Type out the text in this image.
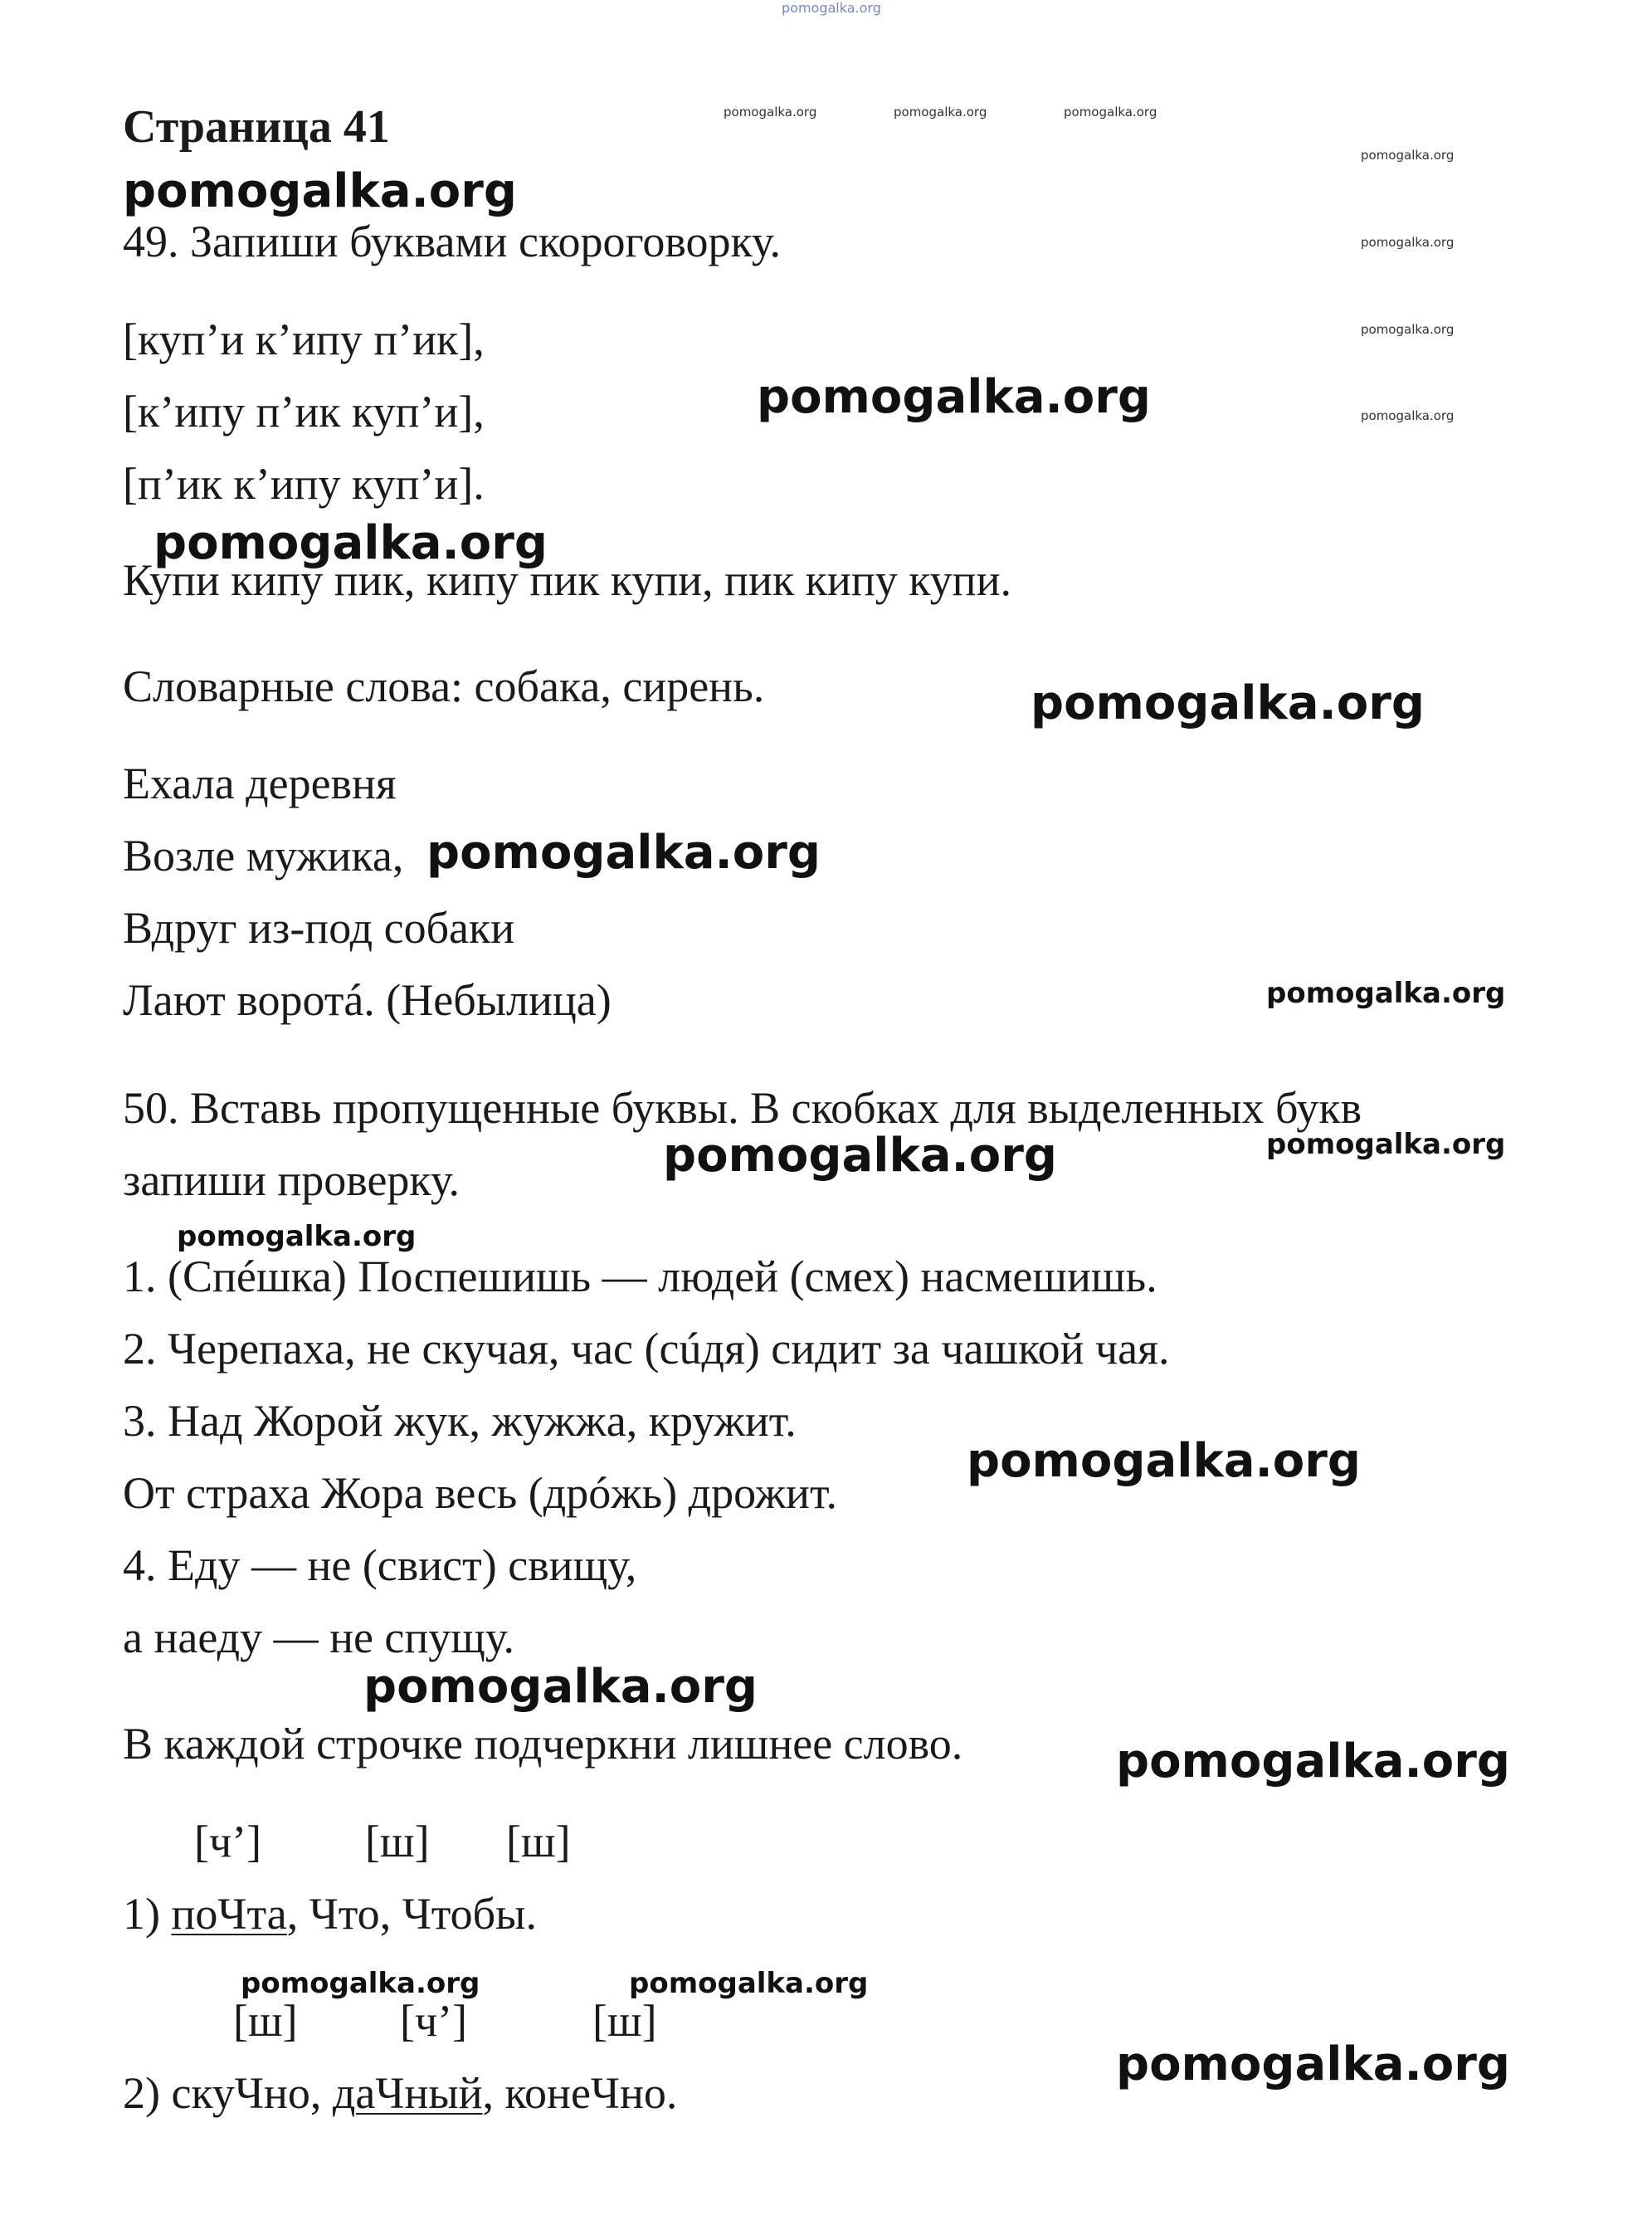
pomogalka.org
pomogalka.org	pomogalka.org	pomogalka.org
pomogalka.org
pomogalka.org
pomogalka.org
pomogalka.org
pomogalka.org
pomogalka.org
pomogalka.org
pomogalka.org
pomogalka.org
pomogalka.org
pomogalka.org	pomogalka.org
pomogalka.org
pomogalka.org
pomogalka.org
pomogalka.org
pomogalka.org	pomogalka.org
pomogalka.org
Страница 41
49. Запиши буквами скороговорку.
[куп’и к’ипу п’ик],
[к’ипу п’ик куп’и],
[п’ик к’ипу куп’и].
Купи кипу пик, кипу пик купи, пик кипу купи.
Словарные слова: собака, сирень.
Ехала деревня
Возле мужика,
Вдруг из-под собаки
Лают воротá. (Небылица)
50. Вставь пропущенные буквы. В скобках для выделенных букв
запиши проверку.
1. (Спéшка) Поспешишь — людей (смех) насмешишь.
2. Черепаха, не скучая, час (сúдя) сидит за чашкой чая.
3. Над Жорой жук, жужжа, кружит.
От страха Жора весь (дрóжь) дрожит.
4. Еду — не (свист) свищу,
а наеду — не спущу.
В каждой строчке подчеркни лишнее слово.
[ч’] [ш] [ш]
1) поЧта, Что, Чтобы.
[ш] [ч’]	[ш]
2) скуЧно, даЧный, конеЧно.
